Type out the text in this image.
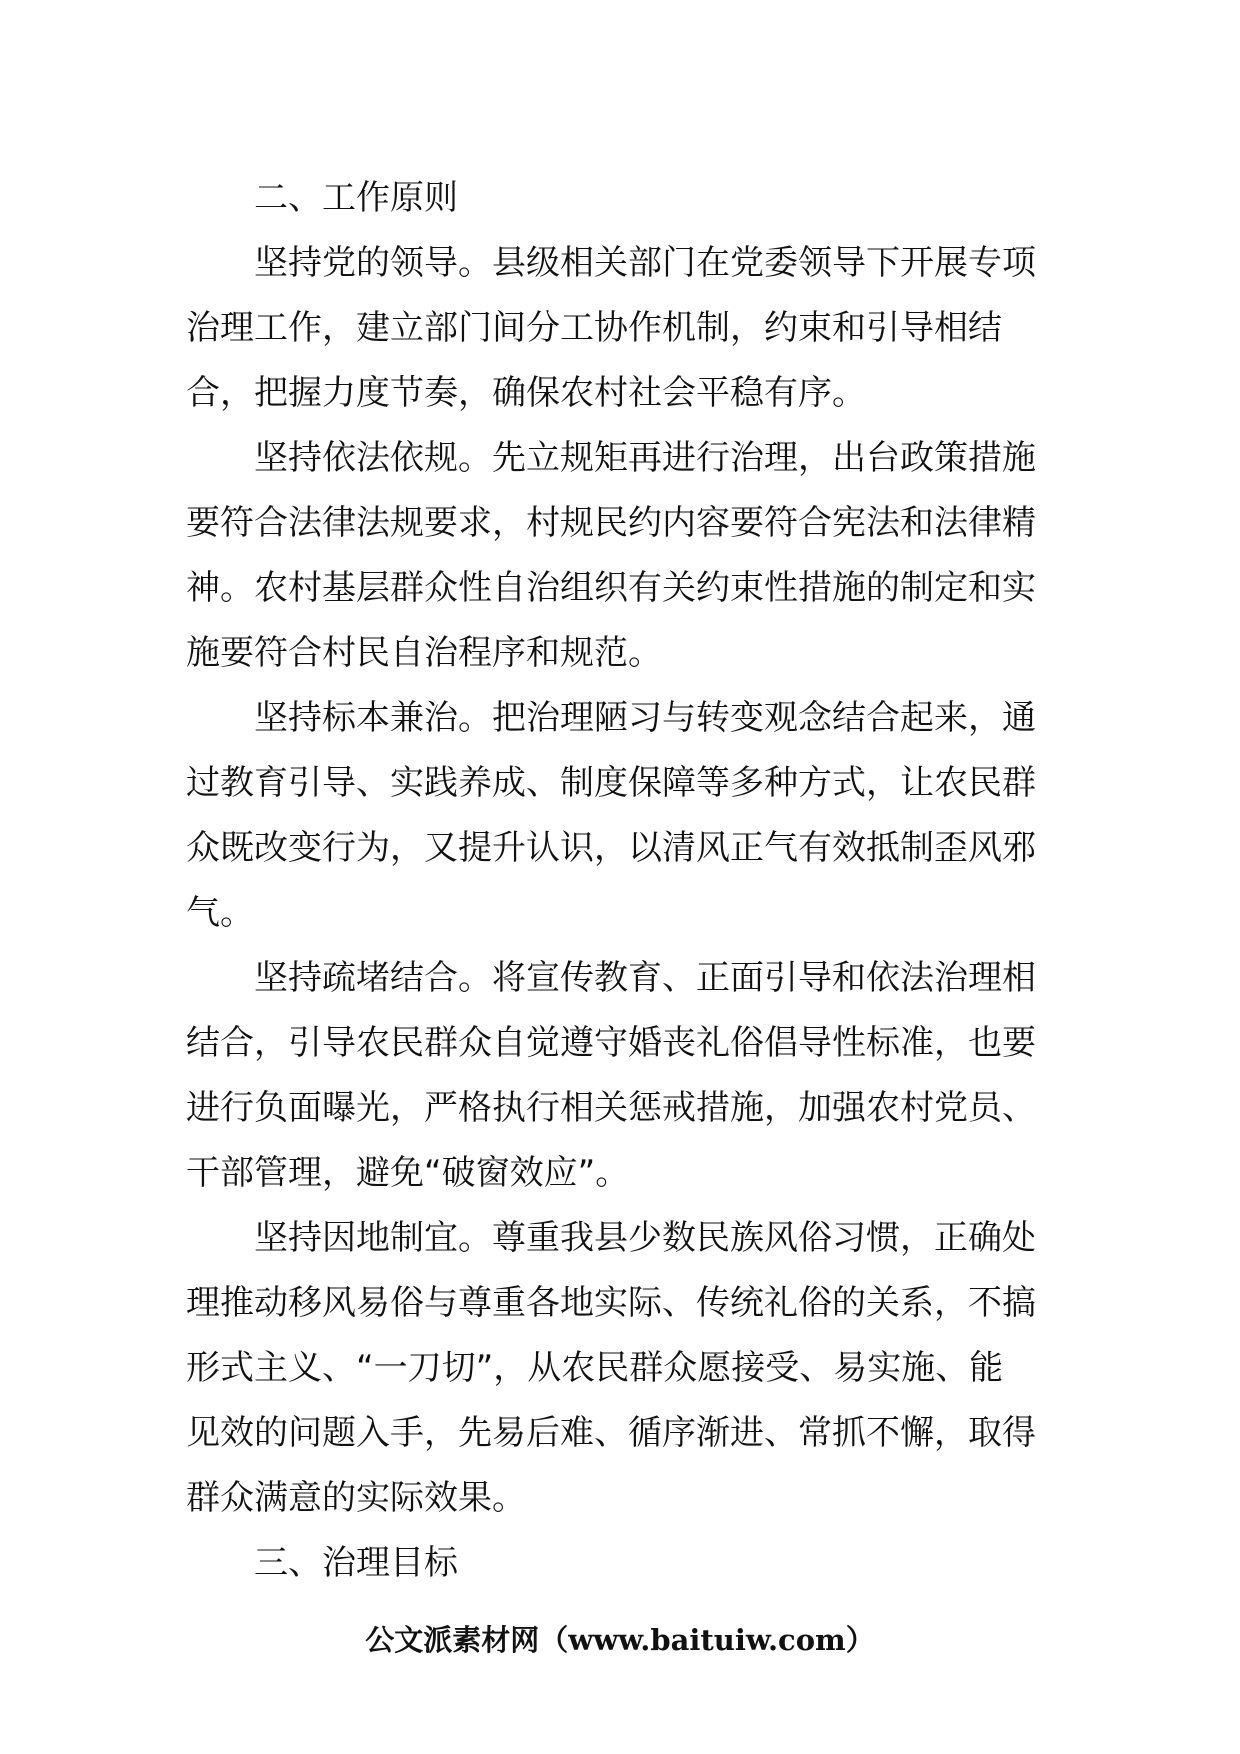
二、工作原则

坚持党的领导。县级相关部门在党委领导下开展专项
治理工作，建立部门间分工协作机制，约束和引导相结
合，把握力度节奏，确保农村社会平稳有序。

坚持依法依规。先立规矩再进行治理，出台政策措施
要符合法律法规要求，村规民约内容要符合宪法和法律精
神。农村基层群众性自治组织有关约束性措施的制定和实
施要符合村民自治程序和规范。

坚持标本兼治。把治理陋习与转变观念结合起来，通
过教育引导、实践养成、制度保障等多种方式，让农民群
众既改变行为，又提升认识，以清风正气有效抵制歪风邪
气。

坚持疏堵结合。将宣传教育、正面引导和依法治理相
结合，引导农民群众自觉遵守婚丧礼俗倡导性标准，也要
进行负面曝光，严格执行相关惩戒措施，加强农村党员、
干部管理，避免“破窗效应”。

坚持因地制宜。尊重我县少数民族风俗习惯，正确处
理推动移风易俗与尊重各地实际、传统礼俗的关系，不搞
形式主义、“一刀切”，从农民群众愿接受、易实施、能
见效的问题入手，先易后难、循序渐进、常抓不懈，取得
群众满意的实际效果。

三、治理目标

公文派素材网（www.baituiw.com）
